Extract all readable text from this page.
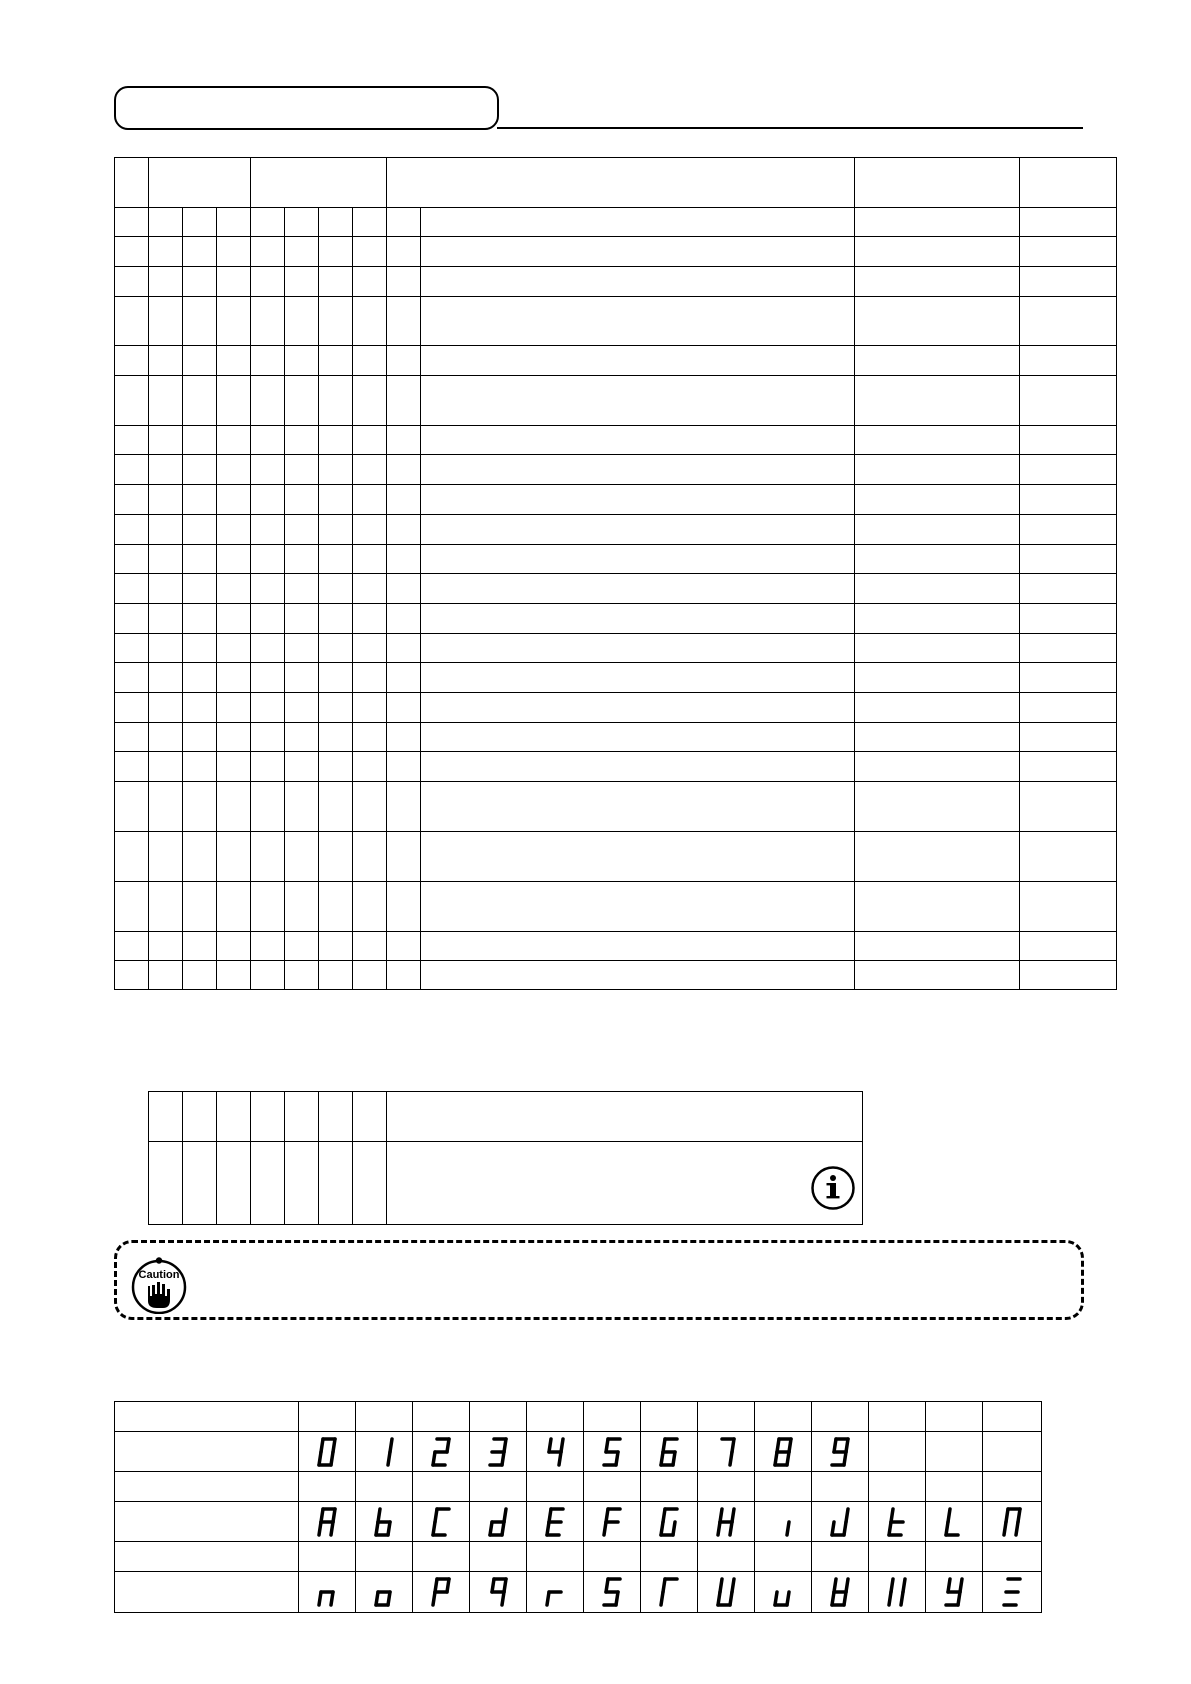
Caution
